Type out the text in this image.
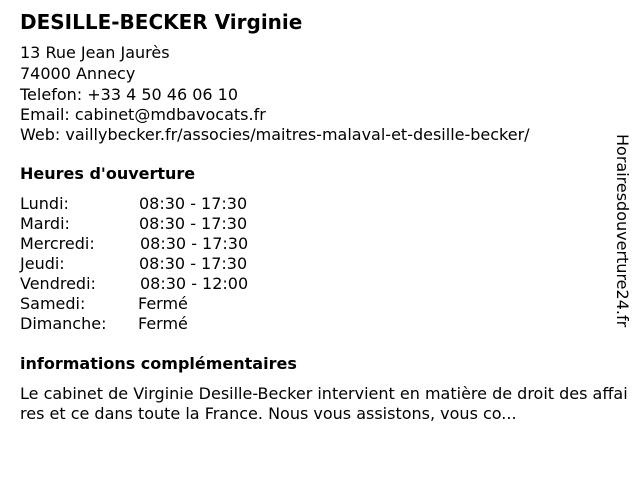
DESILLE-BECKER Virginie
13 Rue Jean Jaurès
74000 Annecy
Telefon: +33 4 50 46 06 10
Email: cabinet@mdbavocats.fr
Web: vaillybecker.fr/associes/maitres-malaval-et-desille-becker/
Heures d'ouverture
Lundi:	08:30 - 17:30
Mardi:	08:30 - 17:30
Mercredi:	08:30 - 17:30
Jeudi:	08:30 - 17:30
Vendredi:	08:30 - 12:00
Samedi:	Fermé
Dimanche: Fermé
informations complémentaires
Le cabinet de Virginie Desille-Becker intervient en matière de droit des affaires et ce dans toute la France. Nous vous assistons, vous co...
Horairesdouverture24.fr
